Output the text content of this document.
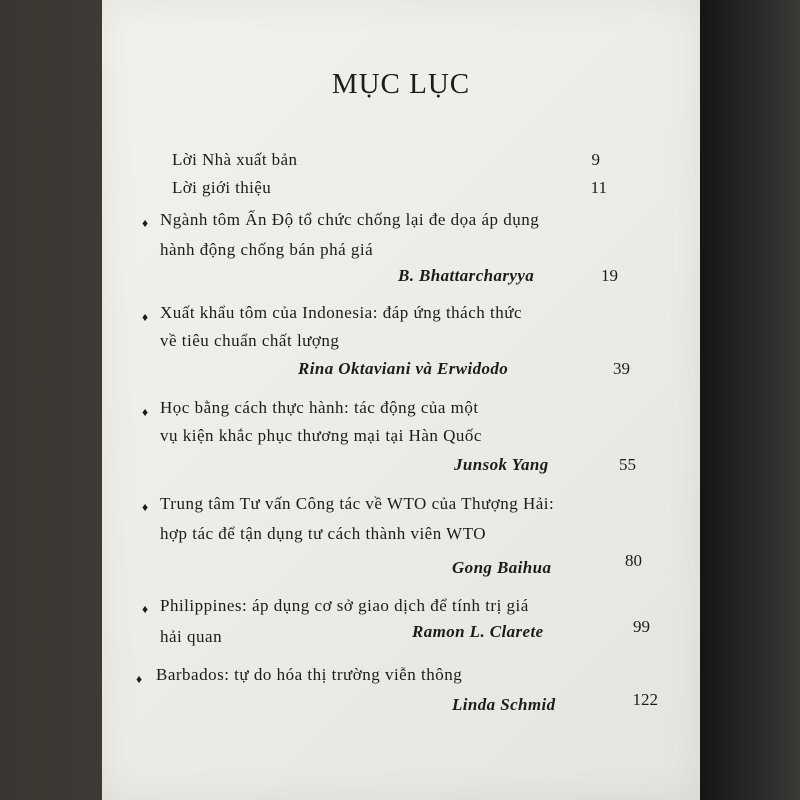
MỤC LỤC
Lời Nhà xuất bản	9
Lời giới thiệu	11
♦ Ngành tôm Ấn Độ tổ chức chống lại đe dọa áp dụng
hành động chống bán phá giá
B. Bhattarcharyya	19
♦ Xuất khẩu tôm của Indonesia: đáp ứng thách thức
về tiêu chuẩn chất lượng
Rina Oktaviani và Erwidodo	39
♦ Học bằng cách thực hành: tác động của một
vụ kiện khắc phục thương mại tại Hàn Quốc
Junsok Yang	55
♦ Trung tâm Tư vấn Công tác về WTO của Thượng Hải:
hợp tác để tận dụng tư cách thành viên WTO
Gong Baihua	80
♦ Philippines: áp dụng cơ sở giao dịch để tính trị giá
hải quan	Ramon L. Clarete	99
♦ Barbados: tự do hóa thị trường viễn thông
Linda Schmid	122
